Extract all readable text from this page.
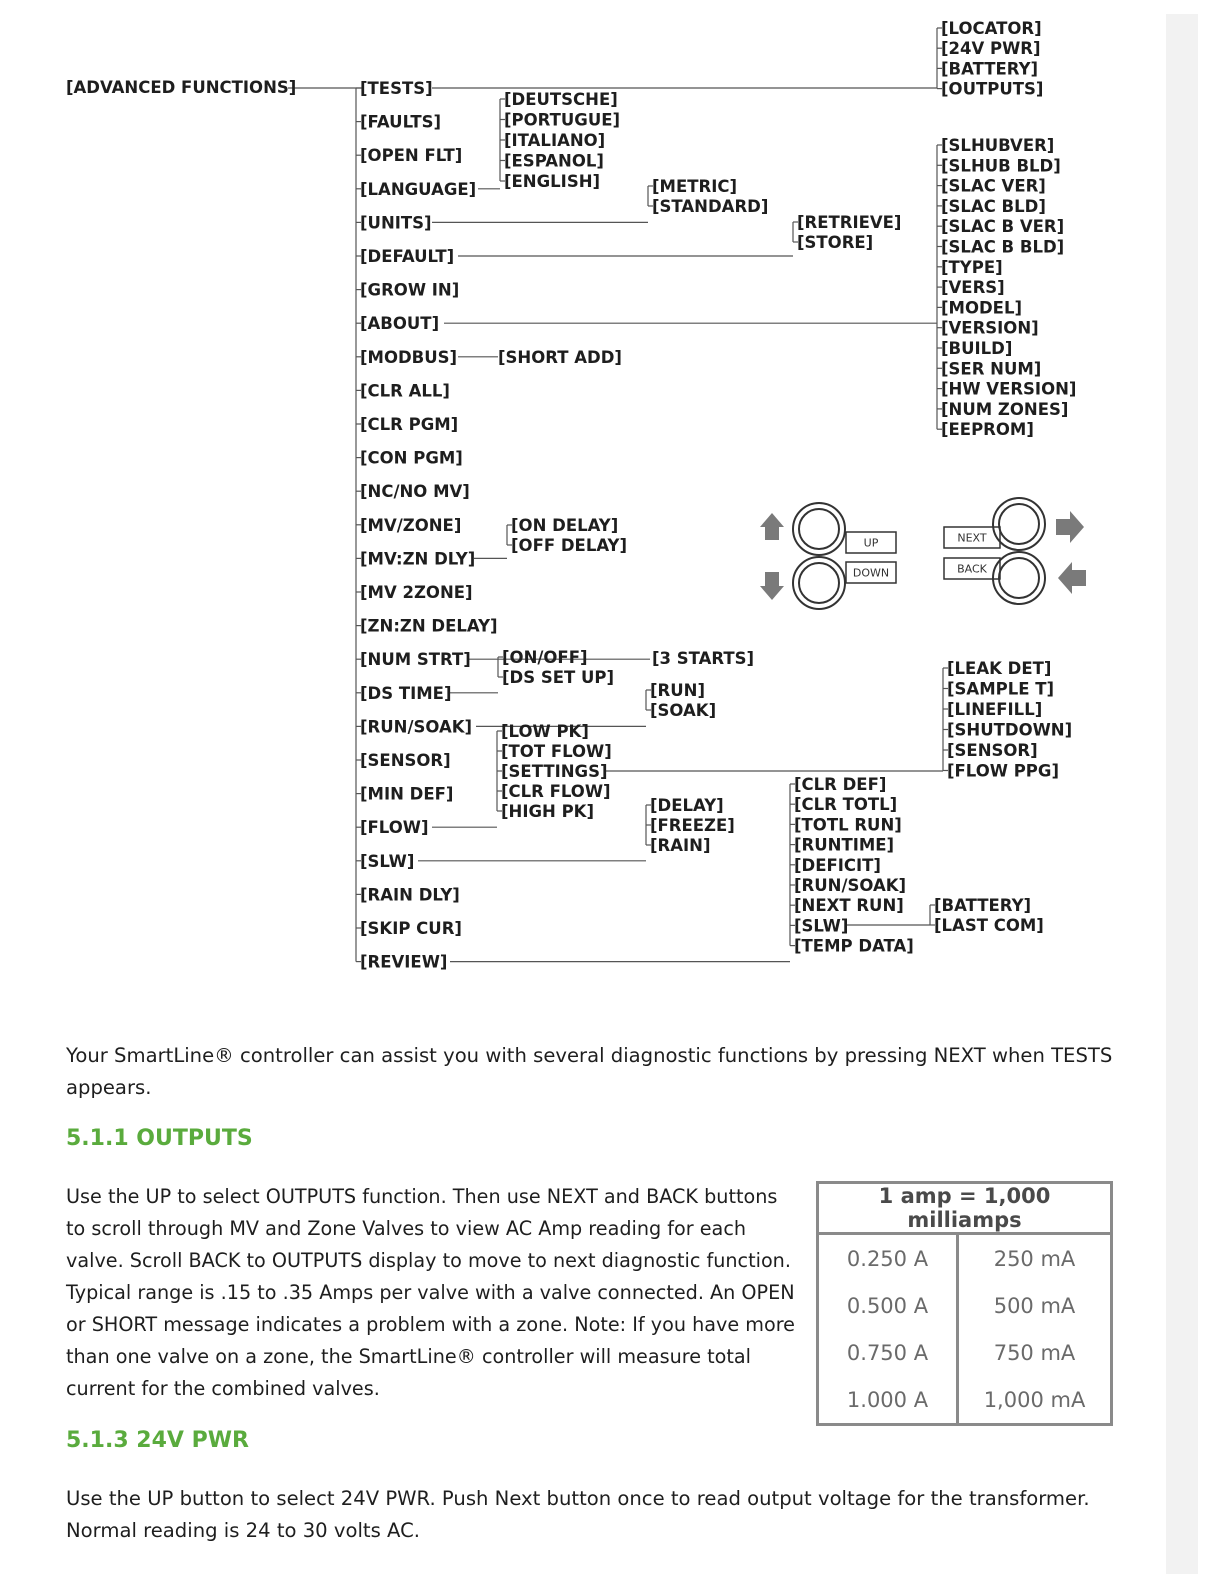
[ADVANCED FUNCTIONS]	[TESTS]
[FAULTS]
[OPEN FLT]
[LANGUAGE]
[UNITS]
[DEFAULT]
[GROW IN]
[ABOUT]
[MODBUS]
[CLR ALL]
[CLR PGM]
[CON PGM]
[NC/NO MV]
[MV/ZONE]
[MV:ZN DLY]
[MV 2ZONE]
[ZN:ZN DELAY]
[NUM STRT]
[DS TIME]
[RUN/SOAK]
[SENSOR]
[MIN DEF]
[FLOW]
[SLW]
[RAIN DLY]
[SKIP CUR]
[REVIEW]
[LOCATOR]
[24V PWR]
[BATTERY]
[OUTPUTS]
[DEUTSCHE]
[PORTUGUE]
[ITALIANO]
[ESPANOL]
[ENGLISH]	[METRIC]
[STANDARD]
[RETRIEVE]
[STORE]
[SLHUBVER]
[SLHUB BLD]
[SLAC VER]
[SLAC BLD]
[SLAC B VER]
[SLAC B BLD]
[TYPE]
[VERS]
[MODEL]
[VERSION]
[BUILD]
[SER NUM]
[HW VERSION]
[NUM ZONES]
[EEPROM]
[SHORT ADD]
[ON DELAY]
[OFF DELAY]
[3 STARTS]
[ON/OFF]
[DS SET UP]
[RUN]
[SOAK]
[LOW PK]
[TOT FLOW]
[SETTINGS]
[CLR FLOW]
[HIGH PK]
[LEAK DET]
[SAMPLE T]
[LINEFILL]
[SHUTDOWN]
[SENSOR]
[FLOW PPG]
[DELAY]
[FREEZE]
[RAIN]
[CLR DEF]
[CLR TOTL]
[TOTL RUN]
[RUNTIME]
[DEFICIT]
[RUN/SOAK]
[NEXT RUN]
[SLW]
[TEMP DATA]
[BATTERY]
[LAST COM]
UP
DOWN
NEXT
BACK

Your SmartLine® controller can assist you with several diagnostic functions by pressing NEXT when TESTS appears.

5.1.1 OUTPUTS

Use the UP to select OUTPUTS function. Then use NEXT and BACK buttons to scroll through MV and Zone Valves to view AC Amp reading for each valve. Scroll BACK to OUTPUTS display to move to next diagnostic function. Typical range is .15 to .35 Amps per valve with a valve connected. An OPEN or SHORT message indicates a problem with a zone. Note: If you have more than one valve on a zone, the SmartLine® controller will measure total current for the combined valves.

1 amp = 1,000 milliamps	
0.250 A	250 mA
0.500 A	500 mA
0.750 A	750 mA
1.000 A	1,000 mA
5.1.3 24V PWR

Use the UP button to select 24V PWR. Push Next button once to read output voltage for the transformer. Normal reading is 24 to 30 volts AC.
